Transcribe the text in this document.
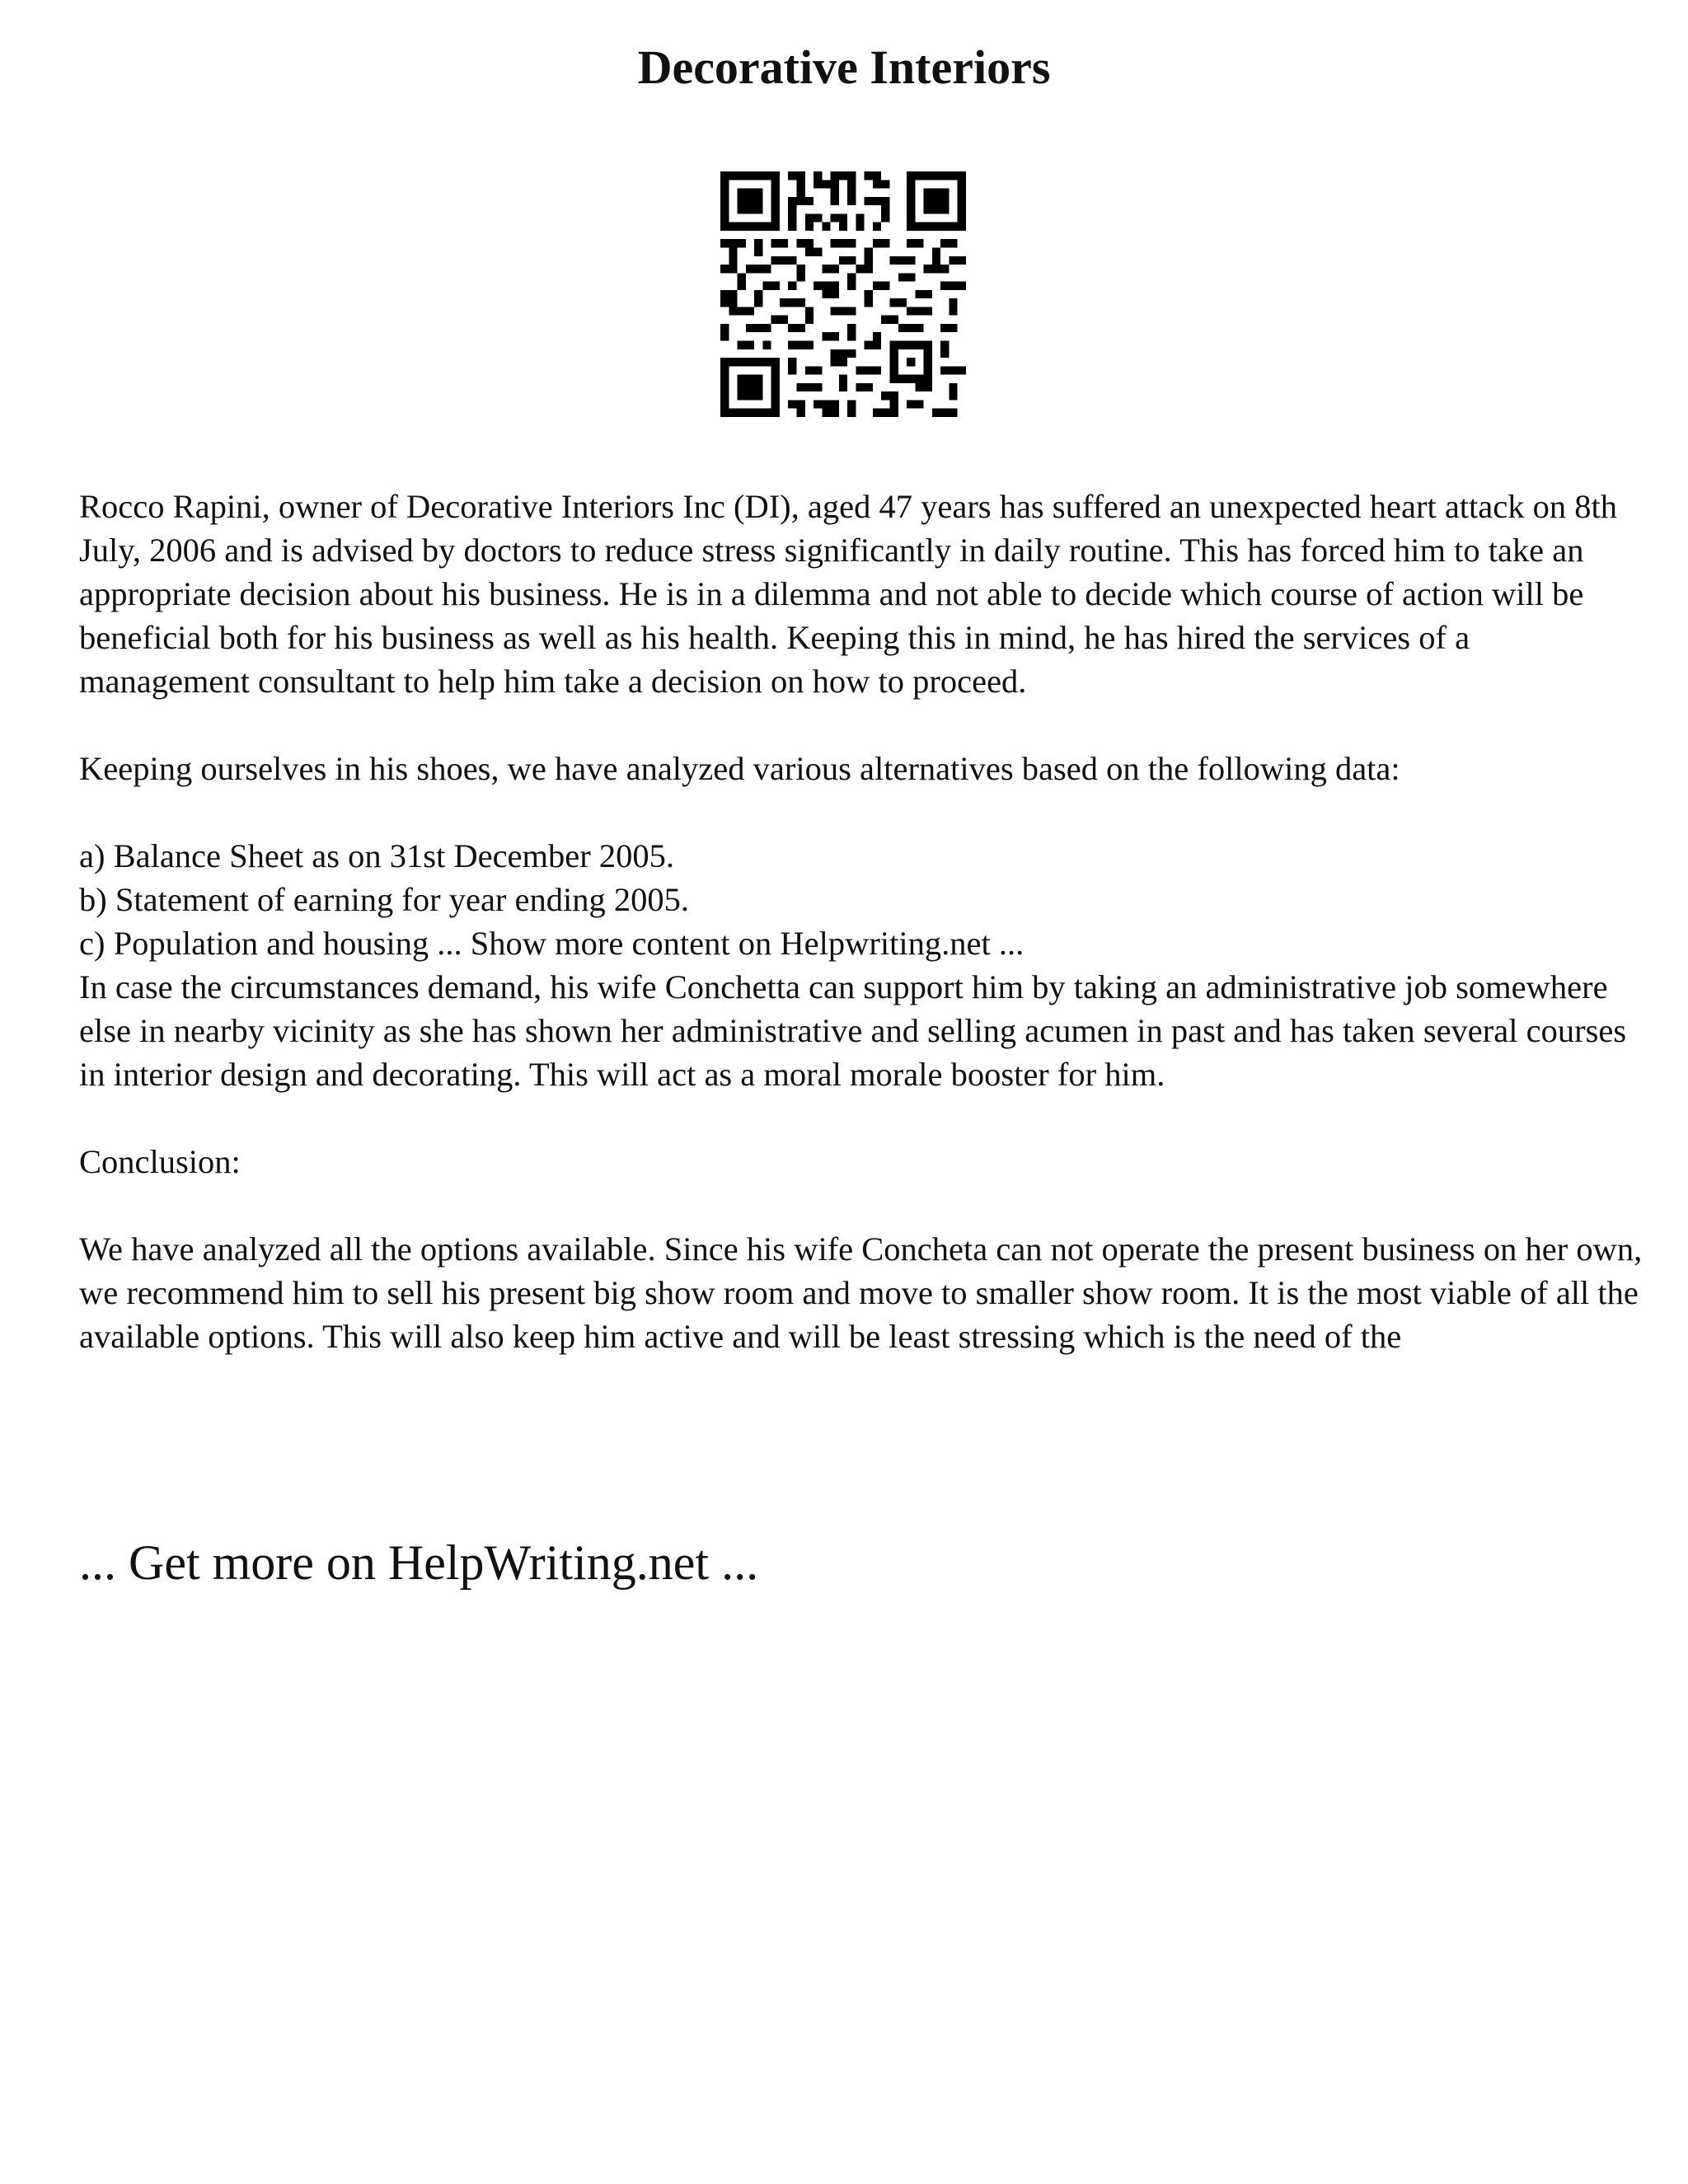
Decorative Interiors

Rocco Rapini, owner of Decorative Interiors Inc (DI), aged 47 years has suffered an unexpected heart attack on 8th July, 2006 and is advised by doctors to reduce stress significantly in daily routine. This has forced him to take an appropriate decision about his business. He is in a dilemma and not able to decide which course of action will be beneficial both for his business as well as his health. Keeping this in mind, he has hired the services of a management consultant to help him take a decision on how to proceed.

Keeping ourselves in his shoes, we have analyzed various alternatives based on the following data:

a) Balance Sheet as on 31st December 2005.

b) Statement of earning for year ending 2005.

c) Population and housing ... Show more content on Helpwriting.net ...

In case the circumstances demand, his wife Conchetta can support him by taking an administrative job somewhere else in nearby vicinity as she has shown her administrative and selling acumen in past and has taken several courses in interior design and decorating. This will act as a moral morale booster for him.

Conclusion:

We have analyzed all the options available. Since his wife Concheta can not operate the present business on her own, we recommend him to sell his present big show room and move to smaller show room. It is the most viable of all the available options. This will also keep him active and will be least stressing which is the need of the

... Get more on HelpWriting.net ...
